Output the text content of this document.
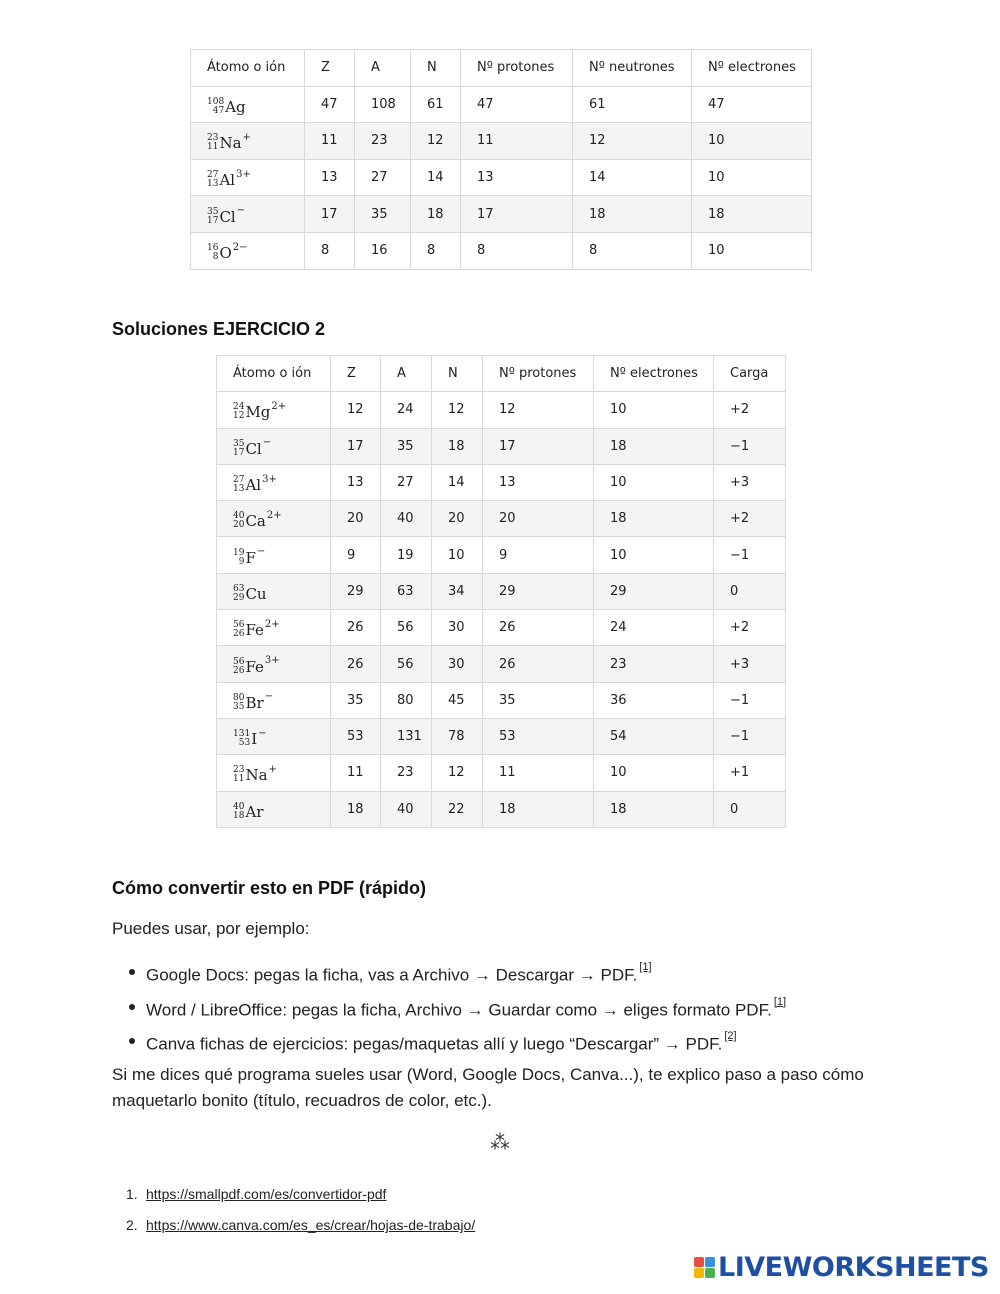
Átomo o ión	Z	A	N	Nº protones	Nº neutrones	Nº electrones

108
47 Ag	47	108	61	47	61	47

23
11 Na +	11	23	12	11	12	10

27
13 Al 3+	13	27	14	13	14	10

35
17 Cl −	17	35	18	17	18	18

16
8 O 2−	8	16	8	8	8	10
Soluciones EJERCICIO 2
Átomo o ión	Z	A	N	Nº protones	Nº electrones	Carga

24
12 Mg 2+	12	24	12	12	10	+2

35
17 Cl −	17	35	18	17	18	−1

27
13 Al 3+	13	27	14	13	10	+3

40
20 Ca 2+	20	40	20	20	18	+2

19
9 F −	9	19	10	9	10	−1

63
29 Cu	29	63	34	29	29	0

56
26 Fe 2+	26	56	30	26	24	+2

56
26 Fe 3+	26	56	30	26	23	+3

80
35 Br −	35	80	45	35	36	−1

131
53 I −	53	131	78	53	54	−1

23
11 Na +	11	23	12	11	10	+1

40
18 Ar	18	40	22	18	18	0
Cómo convertir esto en PDF (rápido)

Puedes usar, por ejemplo:

Google Docs: pegas la ficha, vas a Archivo → Descargar → PDF. [1]
Word / LibreOffice: pegas la ficha, Archivo → Guardar como → eliges formato PDF. [1]
Canva fichas de ejercicios: pegas/maquetas allí y luego “Descargar” → PDF. [2]

Si me dices qué programa sueles usar (Word, Google Docs, Canva...), te explico paso a paso cómo maquetarlo bonito (título, recuadros de color, etc.).

⁂
1. https://smallpdf.com/es/convertidor-pdf
2. https://www.canva.com/es_es/crear/hojas-de-trabajo/
LIVEWORKSHEETS
